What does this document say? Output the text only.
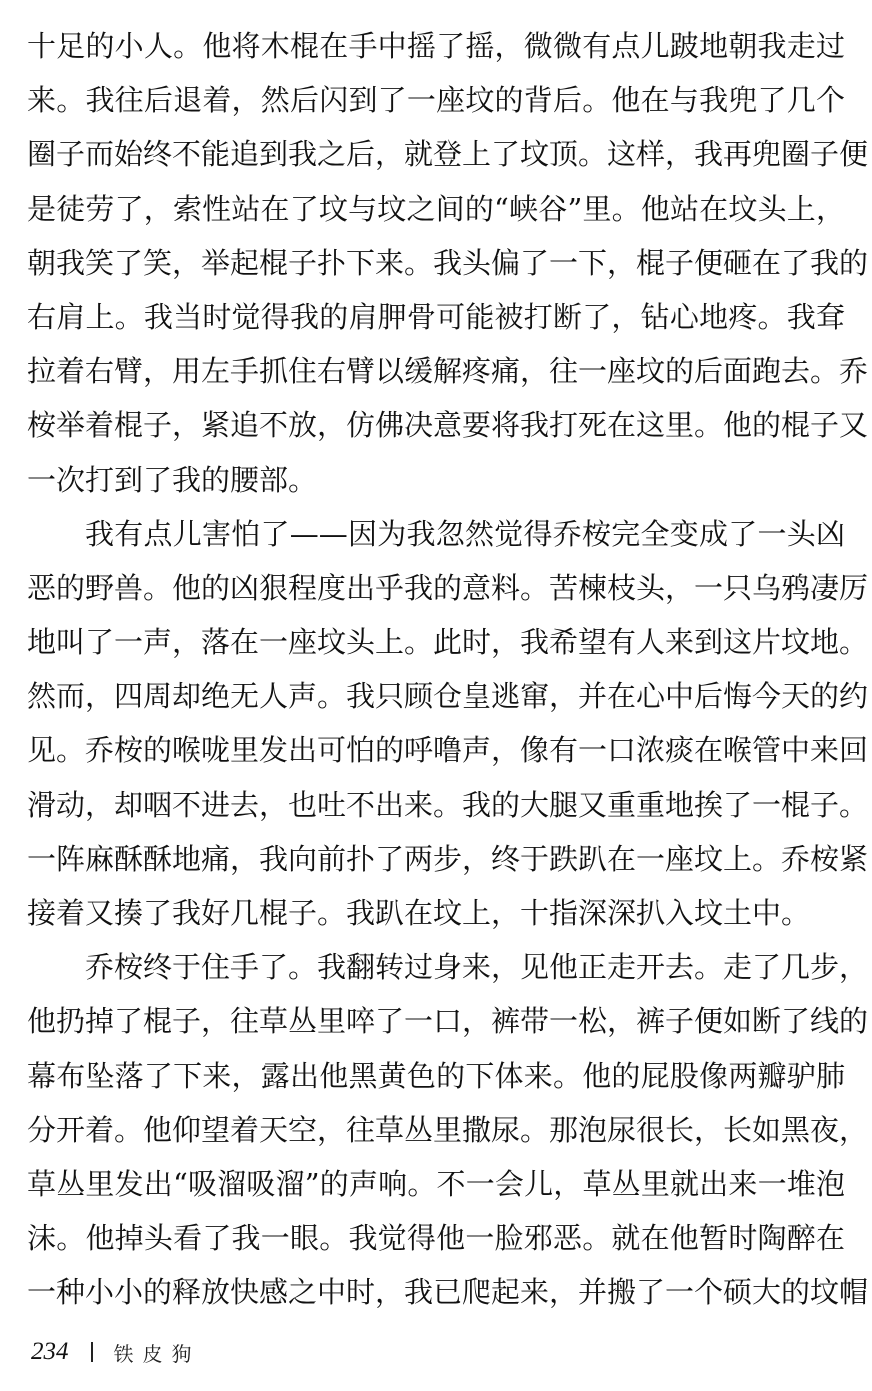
十足的小人。他将木棍在手中摇了摇，微微有点儿跛地朝我走过
来。我往后退着，然后闪到了一座坟的背后。他在与我兜了几个
圈子而始终不能追到我之后，就登上了坟顶。这样，我再兜圈子便
是徒劳了，索性站在了坟与坟之间的“峡谷”里。他站在坟头上，
朝我笑了笑，举起棍子扑下来。我头偏了一下，棍子便砸在了我的
右肩上。我当时觉得我的肩胛骨可能被打断了，钻心地疼。我耷
拉着右臂，用左手抓住右臂以缓解疼痛，往一座坟的后面跑去。乔
桉举着棍子，紧追不放，仿佛决意要将我打死在这里。他的棍子又
一次打到了我的腰部。
我有点儿害怕了——因为我忽然觉得乔桉完全变成了一头凶
恶的野兽。他的凶狠程度出乎我的意料。苦楝枝头，一只乌鸦凄厉
地叫了一声，落在一座坟头上。此时，我希望有人来到这片坟地。
然而，四周却绝无人声。我只顾仓皇逃窜，并在心中后悔今天的约
见。乔桉的喉咙里发出可怕的呼噜声，像有一口浓痰在喉管中来回
滑动，却咽不进去，也吐不出来。我的大腿又重重地挨了一棍子。
一阵麻酥酥地痛，我向前扑了两步，终于跌趴在一座坟上。乔桉紧
接着又揍了我好几棍子。我趴在坟上，十指深深扒入坟土中。
乔桉终于住手了。我翻转过身来，见他正走开去。走了几步，
他扔掉了棍子，往草丛里啐了一口，裤带一松，裤子便如断了线的
幕布坠落了下来，露出他黑黄色的下体来。他的屁股像两瓣驴肺
分开着。他仰望着天空，往草丛里撒尿。那泡尿很长，长如黑夜，
草丛里发出“吸溜吸溜”的声响。不一会儿，草丛里就出来一堆泡
沫。他掉头看了我一眼。我觉得他一脸邪恶。就在他暂时陶醉在
一种小小的释放快感之中时，我已爬起来，并搬了一个硕大的坟帽
234 铁皮狗
